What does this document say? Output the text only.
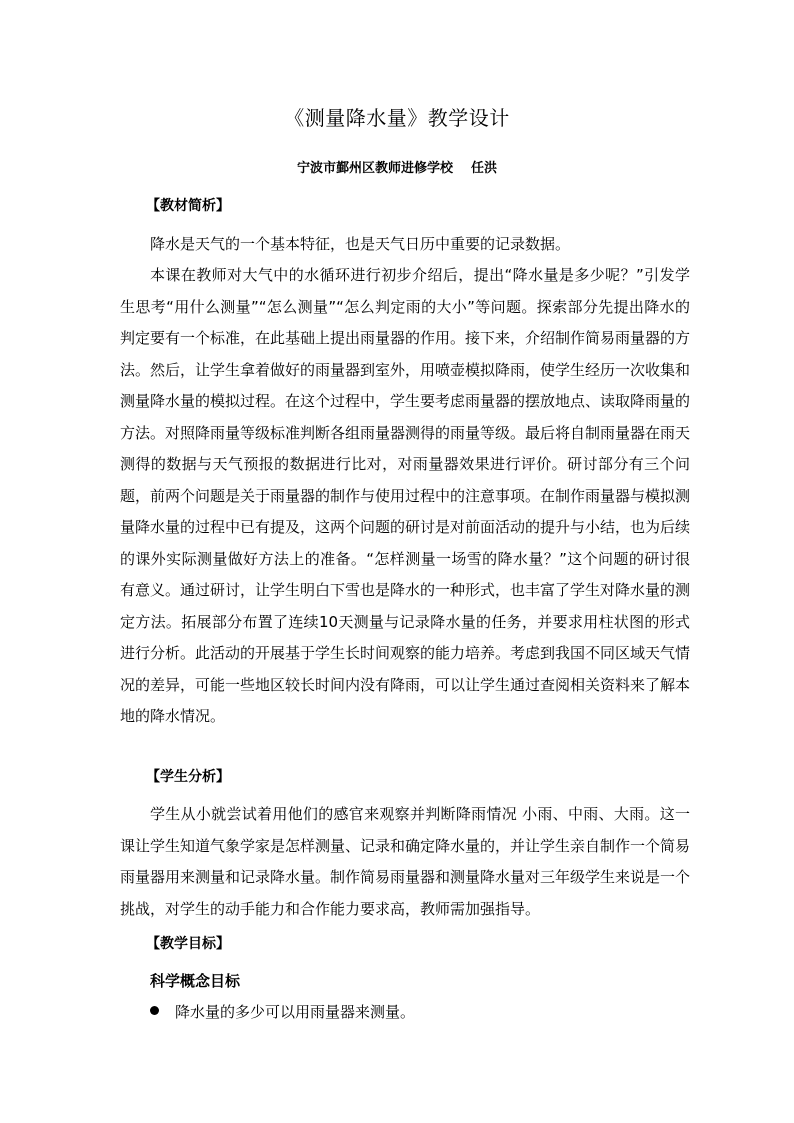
《测量降水量》教学设计
宁波市鄞州区教师进修学校 任洪
【教材简析】

降水是天气的一个基本特征，也是天气日历中重要的记录数据。

本课在教师对大气中的水循环进行初步介绍后，提出“降水量是多少呢？”引发学生思考“用什么测量”“怎么测量”“怎么判定雨的大小”等问题。探索部分先提出降水的判定要有一个标准，在此基础上提出雨量器的作用。接下来，介绍制作简易雨量器的方法。然后，让学生拿着做好的雨量器到室外，用喷壶模拟降雨，使学生经历一次收集和测量降水量的模拟过程。在这个过程中，学生要考虑雨量器的摆放地点、读取降雨量的方法。对照降雨量等级标准判断各组雨量器测得的雨量等级。最后将自制雨量器在雨天测得的数据与天气预报的数据进行比对，对雨量器效果进行评价。研讨部分有三个问题，前两个问题是关于雨量器的制作与使用过程中的注意事项。在制作雨量器与模拟测量降水量的过程中已有提及，这两个问题的研讨是对前面活动的提升与小结，也为后续的课外实际测量做好方法上的准备。“怎样测量一场雪的降水量？”这个问题的研讨很有意义。通过研讨，让学生明白下雪也是降水的一种形式，也丰富了学生对降水量的测定方法。拓展部分布置了连续10天测量与记录降水量的任务，并要求用柱状图的形式进行分析。此活动的开展基于学生长时间观察的能力培养。考虑到我国不同区域天气情况的差异，可能一些地区较长时间内没有降雨，可以让学生通过查阅相关资料来了解本地的降水情况。

【学生分析】

学生从小就尝试着用他们的感官来观察并判断降雨情况 小雨、中雨、大雨。这一课让学生知道气象学家是怎样测量、记录和确定降水量的，并让学生亲自制作一个简易雨量器用来测量和记录降水量。制作简易雨量器和测量降水量对三年级学生来说是一个挑战，对学生的动手能力和合作能力要求高，教师需加强指导。

【教学目标】
科学概念目标
降水量的多少可以用雨量器来测量。
